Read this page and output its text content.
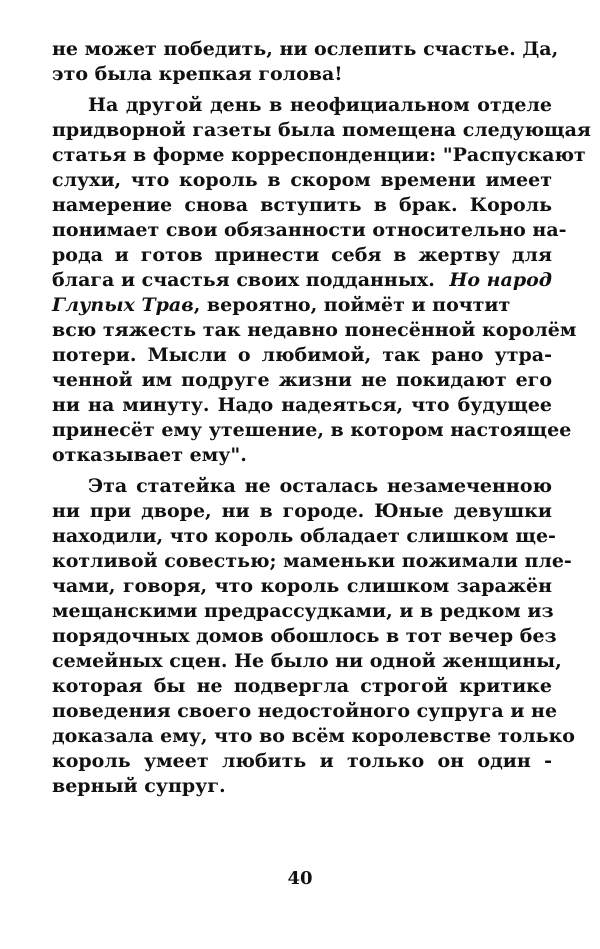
не может победить, ни ослепить счастье. Да,
это была крепкая голова!
На другой день в неофициальном отделе
придворной газеты была помещена следующая
статья в форме корреспонденции: "Распускают
слухи, что король в скором времени имеет
намерение снова вступить в брак. Король
понимает свои обязанности относительно на-
рода и готов принести себя в жертву для
блага и счастья своих подданных. Но народ
Глупых Трав, вероятно, поймёт и почтит
всю тяжесть так недавно понесённой королём
потери. Мысли о любимой, так рано утра-
ченной им подруге жизни не покидают его
ни на минуту. Надо надеяться, что будущее
принесёт ему утешение, в котором настоящее
отказывает ему".
Эта статейка не осталась незамеченною
ни при дворе, ни в городе. Юные девушки
находили, что король обладает слишком ще-
котливой совестью; маменьки пожимали пле-
чами, говоря, что король слишком заражён
мещанскими предрассудками, и в редком из
порядочных домов обошлось в тот вечер без
семейных сцен. Не было ни одной женщины,
которая бы не подвергла строгой критике
поведения своего недостойного супруга и не
доказала ему, что во всём королевстве только
король умеет любить и только он один -
верный супруг.
40
